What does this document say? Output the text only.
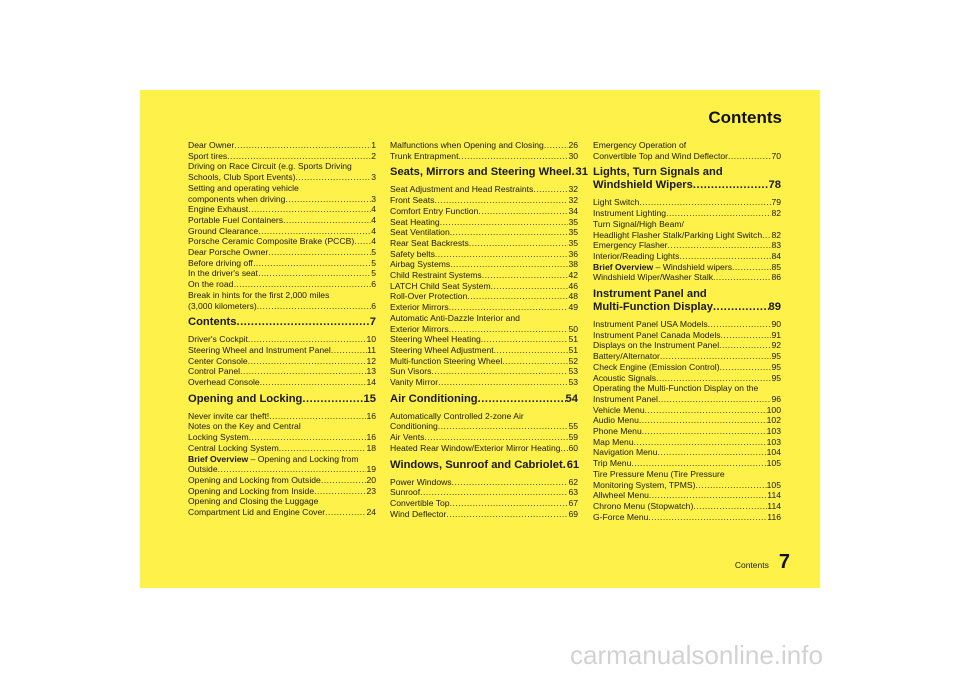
Contents
Dear Owner .....	1
Sport tires .....	2
Driving on Race Circuit (e.g. Sports Driving
Schools, Club Sport Events) .....	3
Setting and operating vehicle
components when driving .....	3
Engine Exhaust .....	4
Portable Fuel Containers .....	4
Ground Clearance .....	4
Porsche Ceramic Composite Brake (PCCB) ..... 4
Dear Porsche Owner .....	5
Before driving off… .....	5
In the driver's seat… .....	5
On the road… .....	6
Break in hints for the first 2,000 miles
(3,000 kilometers) .....	6
Contents .....	7
Driver's Cockpit .....	10
Steering Wheel and Instrument Panel .....	11
Center Console .....	12
Control Panel .....	13
Overhead Console .....	14
Opening and Locking .....	15
Never invite car theft! .....	16
Notes on the Key and Central
Locking System .....	16
Central Locking System .....	18
Brief Overview – Opening and Locking from
Outside .....	19
Opening and Locking from Outside .....	20
Opening and Locking from Inside .....	23
Opening and Closing the Luggage
Compartment Lid and Engine Cover .....	24
Malfunctions when Opening and Closing .....	26
Trunk Entrapment .....	30
Seats, Mirrors and Steering Wheel ..... 31
Seat Adjustment and Head Restraints .....	32
Front Seats .....	32
Comfort Entry Function .....	34
Seat Heating .....	35
Seat Ventilation .....	35
Rear Seat Backrests .....	35
Safety belts .....	36
Airbag Systems .....	38
Child Restraint Systems .....	42
LATCH Child Seat System .....	46
Roll-Over Protection .....	48
Exterior Mirrors .....	49
Automatic Anti-Dazzle Interior and
Exterior Mirrors .....	50
Steering Wheel Heating .....	51
Steering Wheel Adjustment .....	51
Multi-function Steering Wheel .....	52
Sun Visors .....	53
Vanity Mirror .....	53
Air Conditioning .....	54
Automatically Controlled 2-zone Air
Conditioning .....	55
Air Vents .....	59
Heated Rear Window/Exterior Mirror Heating ..... 60
Windows, Sunroof and Cabriolet ..... 61
Power Windows .....	62
Sunroof .....	63
Convertible Top .....	67
Wind Deflector .....	69
Emergency Operation of
Convertible Top and Wind Deflector .....	70
Lights, Turn Signals and
Windshield Wipers .....	78
Light Switch .....	79
Instrument Lighting .....	82
Turn Signal/High Beam/
Headlight Flasher Stalk/Parking Light Switch ..... 82
Emergency Flasher .....	83
Interior/Reading Lights .....	84
Brief Overview – Windshield wipers .....	85
Windshield Wiper/Washer Stalk .....	86
Instrument Panel and
Multi-Function Display .....	89
Instrument Panel USA Models .....	90
Instrument Panel Canada Models .....	91
Displays on the Instrument Panel .....	92
Battery/Alternator .....	95
Check Engine (Emission Control) .....	95
Acoustic Signals .....	95
Operating the Multi-Function Display on the
Instrument Panel .....	96
Vehicle Menu .....	100
Audio Menu .....	102
Phone Menu .....	103
Map Menu .....	103
Navigation Menu .....	104
Trip Menu .....	105
Tire Pressure Menu (Tire Pressure
Monitoring System, TPMS) .....	105
Allwheel Menu .....	114
Chrono Menu (Stopwatch) .....	114
G-Force Menu .....	116
Contents 7
carmanualsonline.info
